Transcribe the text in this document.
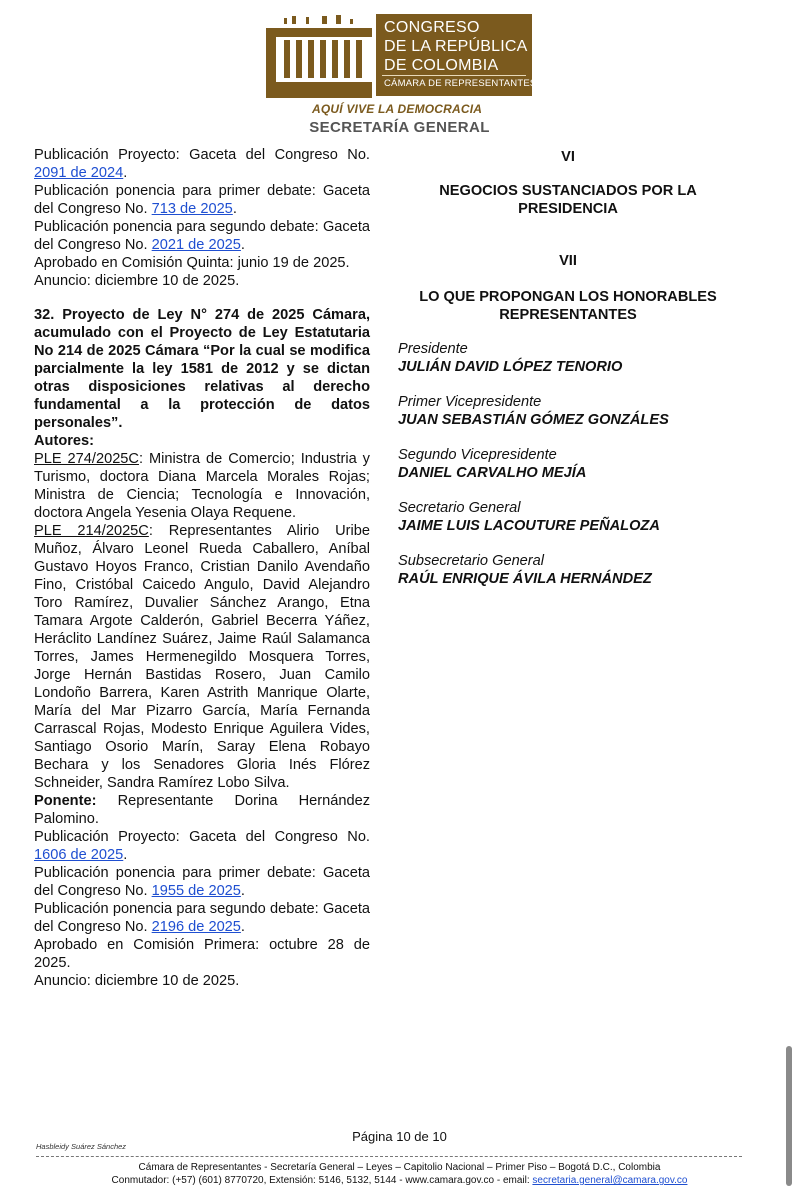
CONGRESO
DE LA REPÚBLICA
DE COLOMBIA
CÁMARA DE REPRESENTANTES
AQUÍ VIVE LA DEMOCRACIA
SECRETARÍA GENERAL

Publicación Proyecto: Gaceta del Congreso No. 2091 de 2024.

Publicación ponencia para primer debate: Gaceta del Congreso No. 713 de 2025.

Publicación ponencia para segundo debate: Gaceta del Congreso No. 2021 de 2025.

Aprobado en Comisión Quinta: junio 19 de 2025.

Anuncio: diciembre 10 de 2025.

32. Proyecto de Ley N° 274 de 2025 Cámara, acumulado con el Proyecto de Ley Estatutaria No 214 de 2025 Cámara “Por la cual se modifica parcialmente la ley 1581 de 2012 y se dictan otras disposiciones relativas al derecho fundamental a la protección de datos personales”.

Autores:

PLE 274/2025C: Ministra de Comercio; Industria y Turismo, doctora Diana Marcela Morales Rojas; Ministra de Ciencia; Tecnología e Innovación, doctora Angela Yesenia Olaya Requene.

PLE 214/2025C: Representantes Alirio Uribe Muñoz, Álvaro Leonel Rueda Caballero, Aníbal Gustavo Hoyos Franco, Cristian Danilo Avendaño Fino, Cristóbal Caicedo Angulo, David Alejandro Toro Ramírez, Duvalier Sánchez Arango, Etna Tamara Argote Calderón, Gabriel Becerra Yáñez, Heráclito Landínez Suárez, Jaime Raúl Salamanca Torres, James Hermenegildo Mosquera Torres, Jorge Hernán Bastidas Rosero, Juan Camilo Londoño Barrera, Karen Astrith Manrique Olarte, María del Mar Pizarro García, María Fernanda Carrascal Rojas, Modesto Enrique Aguilera Vides, Santiago Osorio Marín, Saray Elena Robayo Bechara y los Senadores Gloria Inés Flórez Schneider, Sandra Ramírez Lobo Silva.

Ponente: Representante Dorina Hernández Palomino.

Publicación Proyecto: Gaceta del Congreso No. 1606 de 2025.

Publicación ponencia para primer debate: Gaceta del Congreso No. 1955 de 2025.

Publicación ponencia para segundo debate: Gaceta del Congreso No. 2196 de 2025.

Aprobado en Comisión Primera: octubre 28 de 2025.

Anuncio: diciembre 10 de 2025.

VI
NEGOCIOS SUSTANCIADOS POR LA PRESIDENCIA
VII
LO QUE PROPONGAN LOS HONORABLES REPRESENTANTES
Presidente
JULIÁN DAVID LÓPEZ TENORIO
Primer Vicepresidente
JUAN SEBASTIÁN GÓMEZ GONZÁLES
Segundo Vicepresidente
DANIEL CARVALHO MEJÍA
Secretario General
JAIME LUIS LACOUTURE PEÑALOZA
Subsecretario General
RAÚL ENRIQUE ÁVILA HERNÁNDEZ
Página 10 de 10
Hasbleidy Suárez Sánchez
Cámara de Representantes - Secretaría General – Leyes – Capitolio Nacional – Primer Piso – Bogotá D.C., Colombia
Conmutador: (+57) (601) 8770720, Extensión: 5146, 5132, 5144 - www.camara.gov.co - email: secretaria.general@camara.gov.co
